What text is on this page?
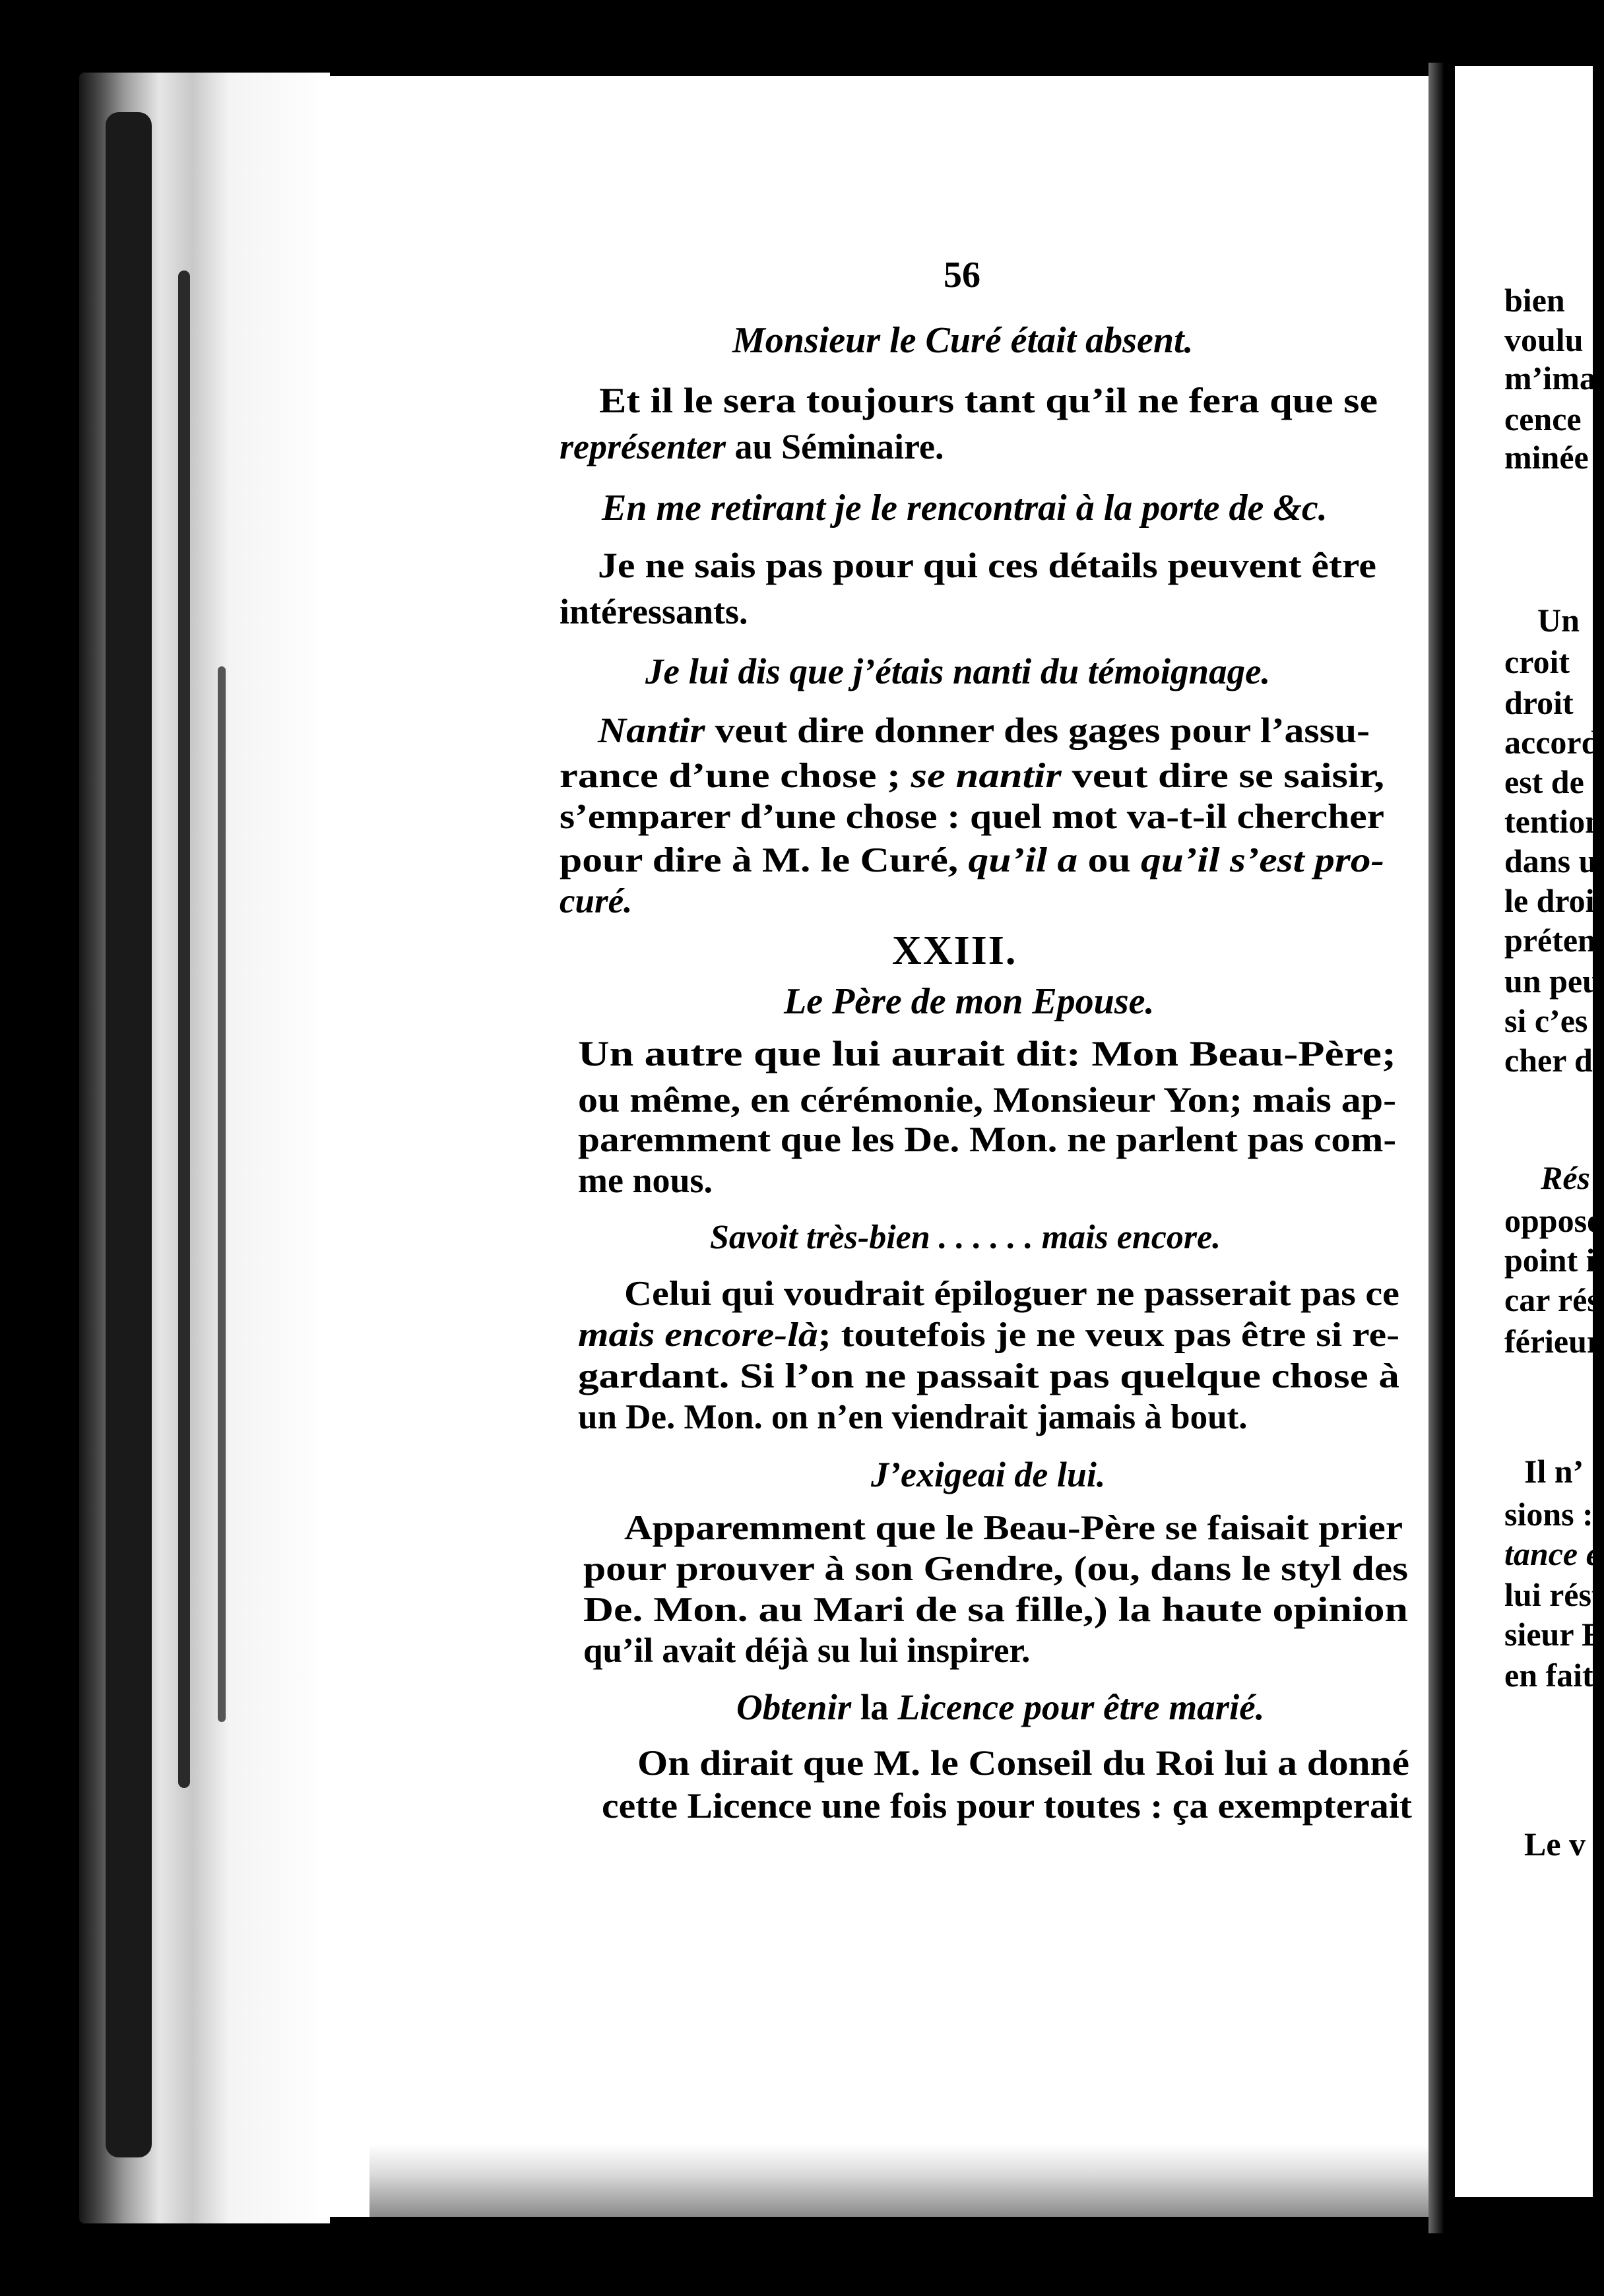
bien
voulu
m’ima
cence
minée
Un
croit
droit
accord
est de
tention
dans u
le droi
préten
un peu
si c’es
cher d
Rés
oppose
point i
car rés
férieur
Il n’
sions :
tance e
lui rést
sieur E
en fait
Le v
56
Monsieur le Curé était absent.
Et il le sera toujours tant qu’il ne fera que se
représenter au Séminaire.
En me retirant je le rencontrai à la porte de &c.
Je ne sais pas pour qui ces détails peuvent être
intéressants.
Je lui dis que j’étais nanti du témoignage.
Nantir veut dire donner des gages pour l’assu-
rance d’une chose ; se nantir veut dire se saisir,
s’emparer d’une chose : quel mot va-t-il chercher
pour dire à M. le Curé, qu’il a ou qu’il s’est pro-
curé.
XXIII.
Le Père de mon Epouse.
Un autre que lui aurait dit: Mon Beau-Père;
ou même, en cérémonie, Monsieur Yon; mais ap-
paremment que les De. Mon. ne parlent pas com-
me nous.
Savoit très-bien . . . . . . mais encore.
Celui qui voudrait épiloguer ne passerait pas ce
mais encore-là; toutefois je ne veux pas être si re-
gardant. Si l’on ne passait pas quelque chose à
un De. Mon. on n’en viendrait jamais à bout.
J’exigeai de lui.
Apparemment que le Beau-Père se faisait prier
pour prouver à son Gendre, (ou, dans le styl des
De. Mon. au Mari de sa fille,) la haute opinion
qu’il avait déjà su lui inspirer.
Obtenir la Licence pour être marié.
On dirait que M. le Conseil du Roi lui a donné
cette Licence une fois pour toutes : ça exempterait
